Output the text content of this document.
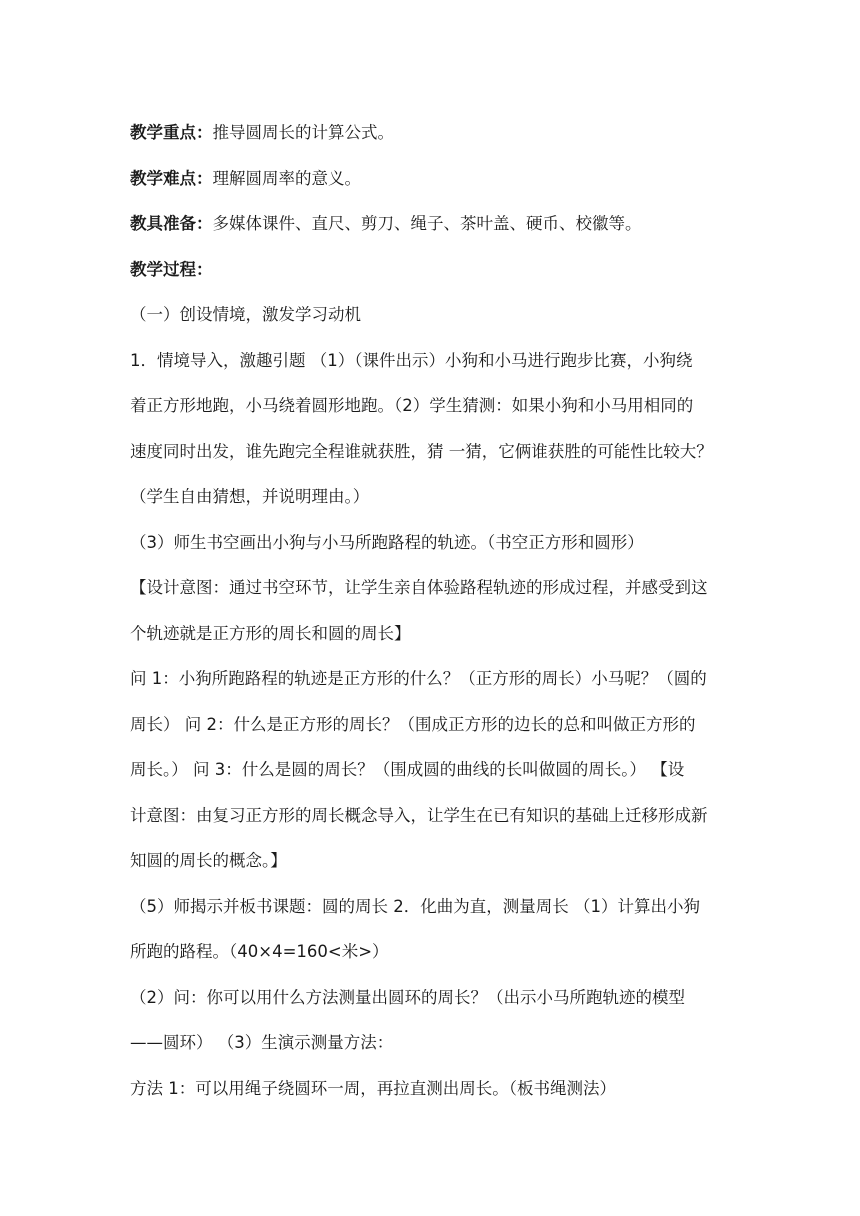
教学重点：推导圆周长的计算公式。
教学难点：理解圆周率的意义。
教具准备：多媒体课件、直尺、剪刀、绳子、茶叶盖、硬币、校徽等。
教学过程：
（一）创设情境，激发学习动机
1．情境导入，激趣引题 （1）（课件出示）小狗和小马进行跑步比赛，小狗绕
着正方形地跑，小马绕着圆形地跑。（2）学生猜测：如果小狗和小马用相同的
速度同时出发，谁先跑完全程谁就获胜，猜 一猜，它俩谁获胜的可能性比较大？
（学生自由猜想，并说明理由。）
（3）师生书空画出小狗与小马所跑路程的轨迹。（书空正方形和圆形）
【设计意图：通过书空环节，让学生亲自体验路程轨迹的形成过程，并感受到这
个轨迹就是正方形的周长和圆的周长】
问 1：小狗所跑路程的轨迹是正方形的什么？（正方形的周长）小马呢？（圆的
周长） 问 2：什么是正方形的周长？（围成正方形的边长的总和叫做正方形的
周长。） 问 3：什么是圆的周长？（围成圆的曲线的长叫做圆的周长。） 【设
计意图：由复习正方形的周长概念导入，让学生在已有知识的基础上迁移形成新
知圆的周长的概念。】
（5）师揭示并板书课题：圆的周长 2．化曲为直，测量周长 （1）计算出小狗
所跑的路程。（40×4=160<米>）
（2）问：你可以用什么方法测量出圆环的周长？（出示小马所跑轨迹的模型
——圆环） （3）生演示测量方法：
方法 1：可以用绳子绕圆环一周，再拉直测出周长。（板书绳测法）
